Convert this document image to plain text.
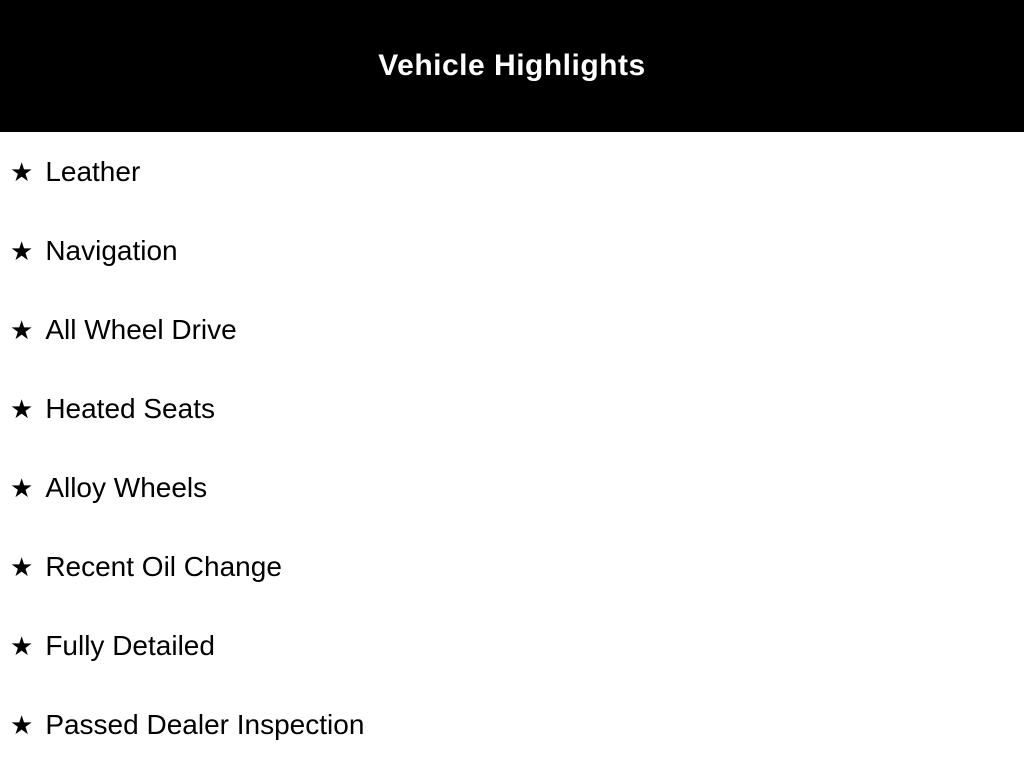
Vehicle Highlights
★ Leather
★ Navigation
★ All Wheel Drive
★ Heated Seats
★ Alloy Wheels
★ Recent Oil Change
★ Fully Detailed
★ Passed Dealer Inspection
